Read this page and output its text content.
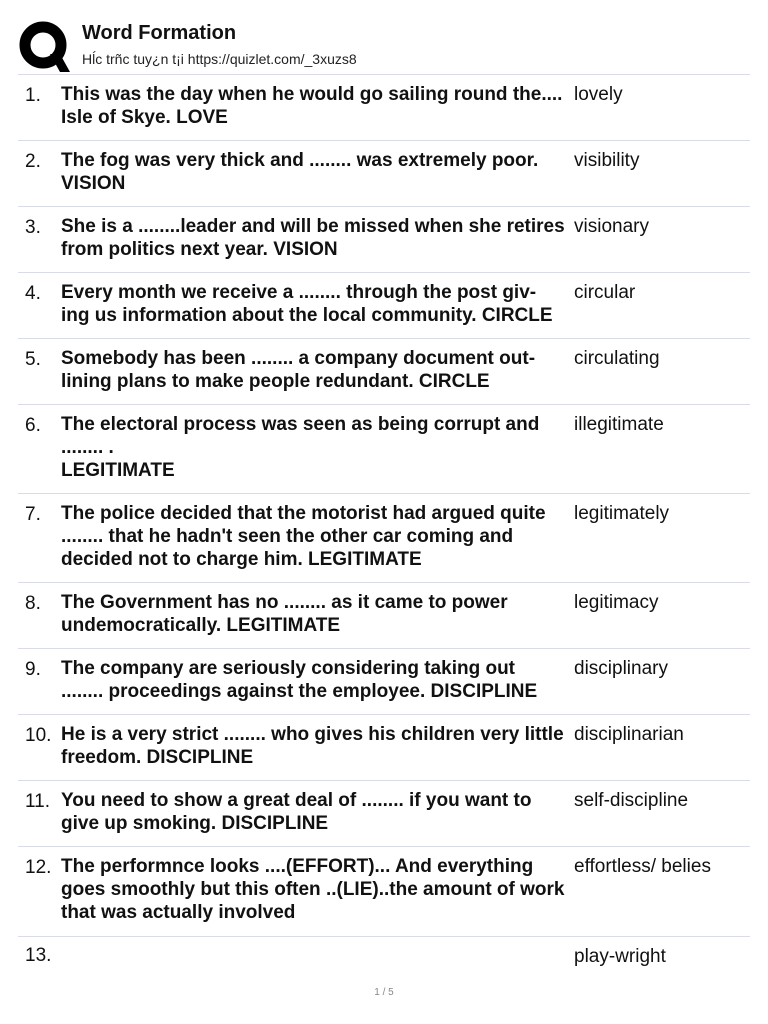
Word Formation
Hĺc trñc tuy¿n t¡i https://quizlet.com/_3xuzs8
1. This was the day when he would go sailing round the.... Isle of Skye. LOVE
lovely
2. The fog was very thick and ........ was extremely poor. VISION
visibility
3. She is a ........leader and will be missed when she retires from politics next year. VISION
visionary
4. Every month we receive a ........ through the post giv-
ing us information about the local community. CIRCLE
circular
5. Somebody has been ........ a company document out-
lining plans to make people redundant. CIRCLE
circulating
6. The electoral process was seen as being corrupt and
........ .
LEGITIMATE
illegitimate
7. The police decided that the motorist had argued quite
........ that he hadn't seen the other car coming and
decided not to charge him. LEGITIMATE
legitimately
8. The Government has no ........ as it came to power undemocratically. LEGITIMATE
legitimacy
9. The company are seriously considering taking out
........ proceedings against the employee. DISCIPLINE
disciplinary
10. He is a very strict ........ who gives his children very little freedom. DISCIPLINE
disciplinarian
11. You need to show a great deal of ........ if you want to give up smoking. DISCIPLINE
self-discipline
12. The performnce looks ....(EFFORT)... And everything goes smoothly but this often ..(LIE)..the amount of work that was actually involved
effortless/ belies
13.	play-wright
1 / 5
